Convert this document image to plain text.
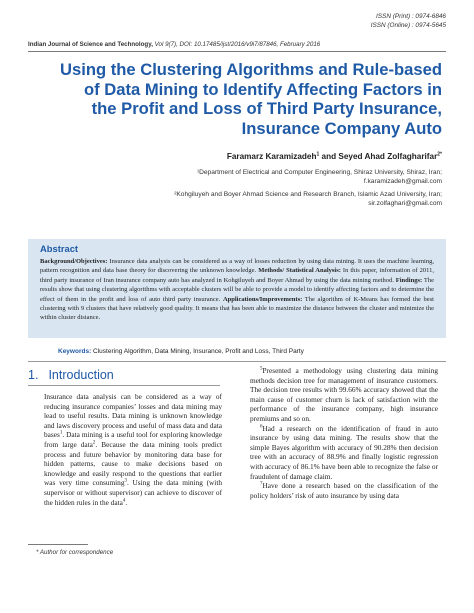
ISSN (Print) : 0974-6846
ISSN (Online) : 0974-5645
Indian Journal of Science and Technology, Vol 9(7), DOI: 10.17485/ijst/2016/v9i7/87846, February 2016
Using the Clustering Algorithms and Rule-based of Data Mining to Identify Affecting Factors in the Profit and Loss of Third Party Insurance, Insurance Company Auto
Faramarz Karamizadeh$^1$ and Seyed Ahad Zolfagharifar$^{2*}$
¹Department of Electrical and Computer Engineering, Shiraz University, Shiraz, Iran;
f.karamizadeh@gmail.com
²Kohgiluyeh and Boyer Ahmad Science and Research Branch, Islamic Azad University, Iran;
sir.zolfaghari@gmail.com
Abstract
Background/Objectives: Insurance data analysis can be considered as a way of losses reduction by using data mining. It uses the machine learning, pattern recognition and data base theory for discovering the unknown knowledge. Methods/ Statistical Analysis: In this paper, information of 2011, third party insurance of Iran insurance company auto has analyzed in Kohgiluyeh and Boyer Ahmad by using the data mining method. Findings: The results show that using clustering algorithms with acceptable clusters will be able to provide a model to identify affecting factors and to determine the effect of them in the profit and loss of auto third party insurance. Applications/Improvements: The algorithm of K-Means has formed the best clustering with 9 clusters that have relatively good quality. It means that has been able to maximize the distance between the cluster and minimize the within cluster distance.
Keywords: Clustering Algorithm, Data Mining, Insurance, Profit and Loss, Third Party
1. Introduction

Insurance data analysis can be considered as a way of reducing insurance companies’ losses and data mining may lead to useful results. Data mining is unknown knowledge and laws discovery process and useful of mass data and data bases$^1$. Data mining is a useful tool for exploring knowledge from large data$^2$. Because the data mining tools predict process and future behavior by monitoring data base for hidden patterns, cause to make decisions based on knowledge and easily respond to the questions that earlier was very time consuming$^3$. Using the data mining (with supervisor or without supervisor) can achieve to discover of the hidden rules in the data$^4$.

$^5$Presented a methodology using clustering data mining methods decision tree for management of insurance customers. The decision tree results with 99.66% accuracy showed that the main cause of customer churn is lack of satisfaction with the performance of the insurance company, high insurance premiums and so on.

$^6$Had a research on the identification of fraud in auto insurance by using data mining. The results show that the simple Bayes algorithm with accuracy of 90.28% then decision tree with an accuracy of 88.9% and finally logistic regression with accuracy of 86.1% have been able to recognize the false or fraudulent of damage claim.

$^7$Have done a research based on the classification of the policy holders’ risk of auto insurance by using data

* Author for correspondence
